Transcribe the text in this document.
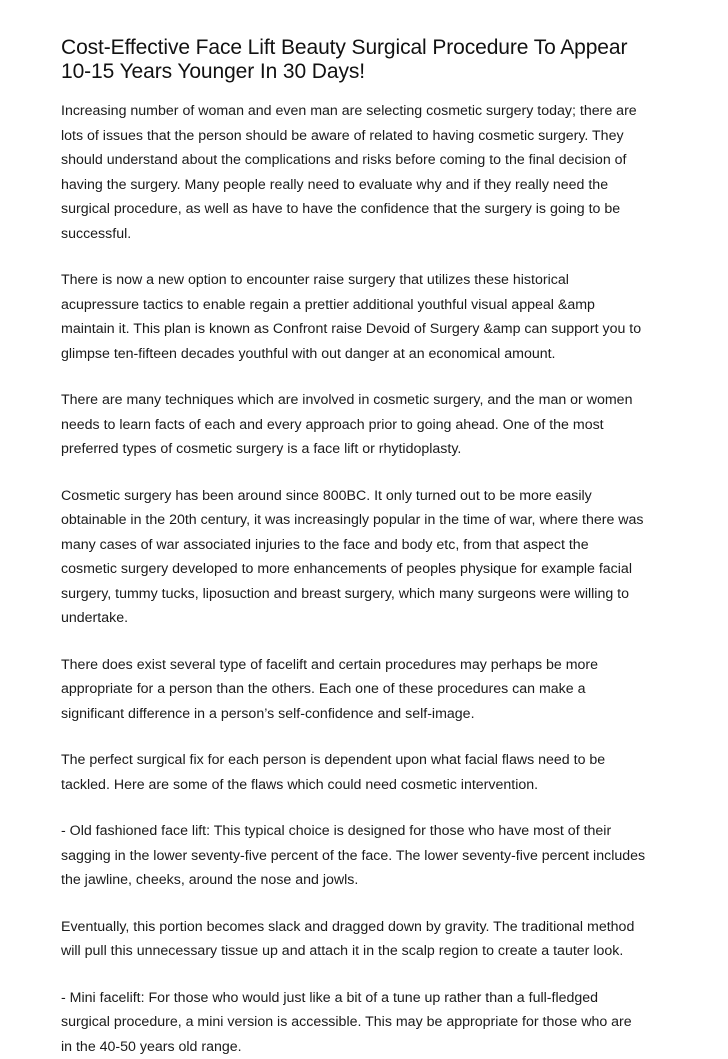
Cost-Effective Face Lift Beauty Surgical Procedure To Appear
10-15 Years Younger In 30 Days!

Increasing number of woman and even man are selecting cosmetic surgery today; there are
lots of issues that the person should be aware of related to having cosmetic surgery. They
should understand about the complications and risks before coming to the final decision of
having the surgery. Many people really need to evaluate why and if they really need the
surgical procedure, as well as have to have the confidence that the surgery is going to be
successful.

There is now a new option to encounter raise surgery that utilizes these historical
acupressure tactics to enable regain a prettier additional youthful visual appeal &amp
maintain it. This plan is known as Confront raise Devoid of Surgery &amp can support you to
glimpse ten-fifteen decades youthful with out danger at an economical amount.

There are many techniques which are involved in cosmetic surgery, and the man or women
needs to learn facts of each and every approach prior to going ahead. One of the most
preferred types of cosmetic surgery is a face lift or rhytidoplasty.

Cosmetic surgery has been around since 800BC. It only turned out to be more easily
obtainable in the 20th century, it was increasingly popular in the time of war, where there was
many cases of war associated injuries to the face and body etc, from that aspect the
cosmetic surgery developed to more enhancements of peoples physique for example facial
surgery, tummy tucks, liposuction and breast surgery, which many surgeons were willing to
undertake.

There does exist several type of facelift and certain procedures may perhaps be more
appropriate for a person than the others. Each one of these procedures can make a
significant difference in a person’s self-confidence and self-image.

The perfect surgical fix for each person is dependent upon what facial flaws need to be
tackled. Here are some of the flaws which could need cosmetic intervention.

- Old fashioned face lift: This typical choice is designed for those who have most of their
sagging in the lower seventy-five percent of the face. The lower seventy-five percent includes
the jawline, cheeks, around the nose and jowls.

Eventually, this portion becomes slack and dragged down by gravity. The traditional method
will pull this unnecessary tissue up and attach it in the scalp region to create a tauter look.

- Mini facelift: For those who would just like a bit of a tune up rather than a full-fledged
surgical procedure, a mini version is accessible. This may be appropriate for those who are
in the 40-50 years old range.
